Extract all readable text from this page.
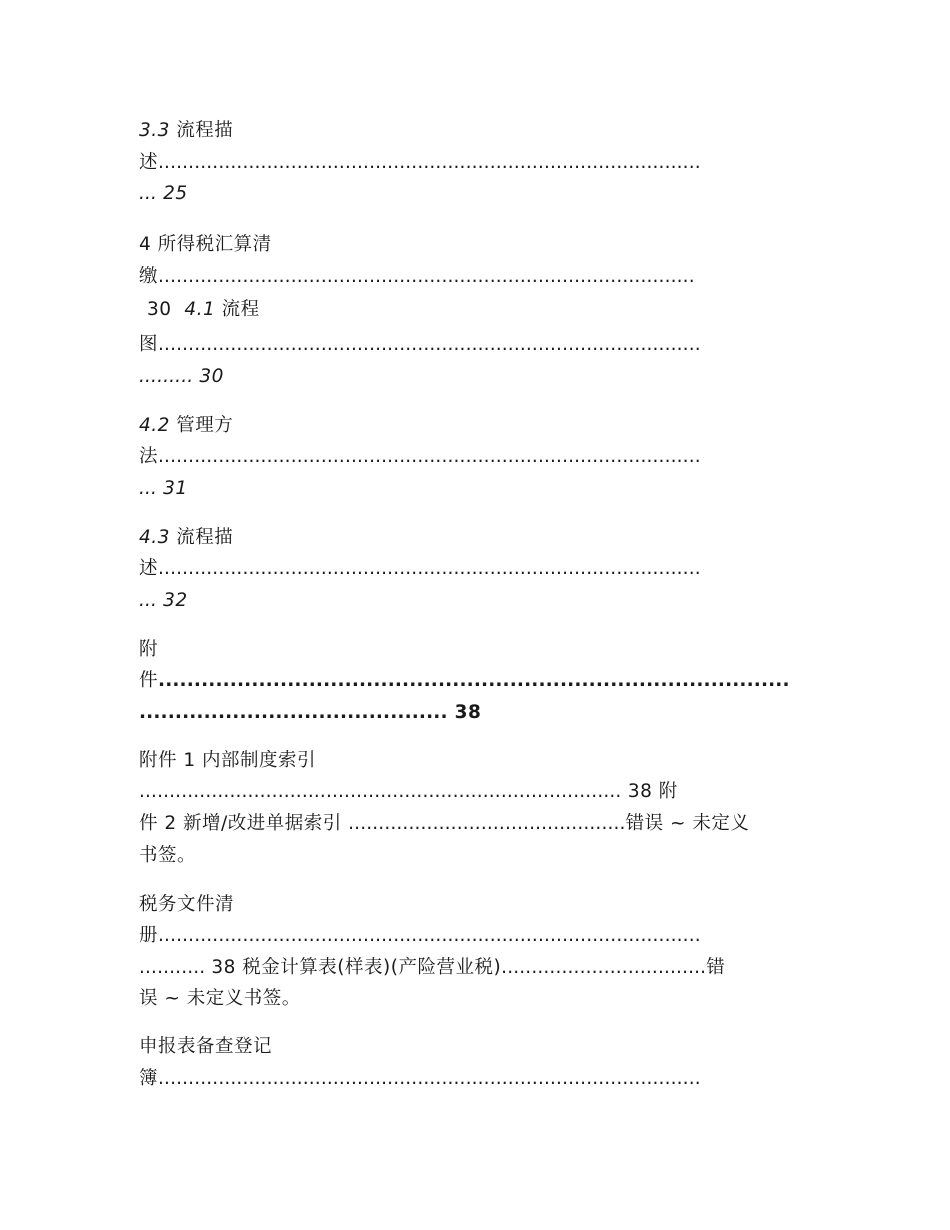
3.3 流程描
述..........................................................................................
... 25
4 所得税汇算清
缴.........................................................................................
30 4.1 流程
图..........................................................................................
......... 30
4.2 管理方
法..........................................................................................
... 31
4.3 流程描
述..........................................................................................
... 32
附
件........................................................................................
........................................... 38
附件 1 内部制度索引
................................................................................ 38 附
件 2 新增/改进单据索引 ..............................................错误 ~ 未定义
书签。
税务文件清
册..........................................................................................
........... 38 税金计算表(样表)(产险营业税)..................................错
误 ~ 未定义书签。
申报表备查登记
簿..........................................................................................
